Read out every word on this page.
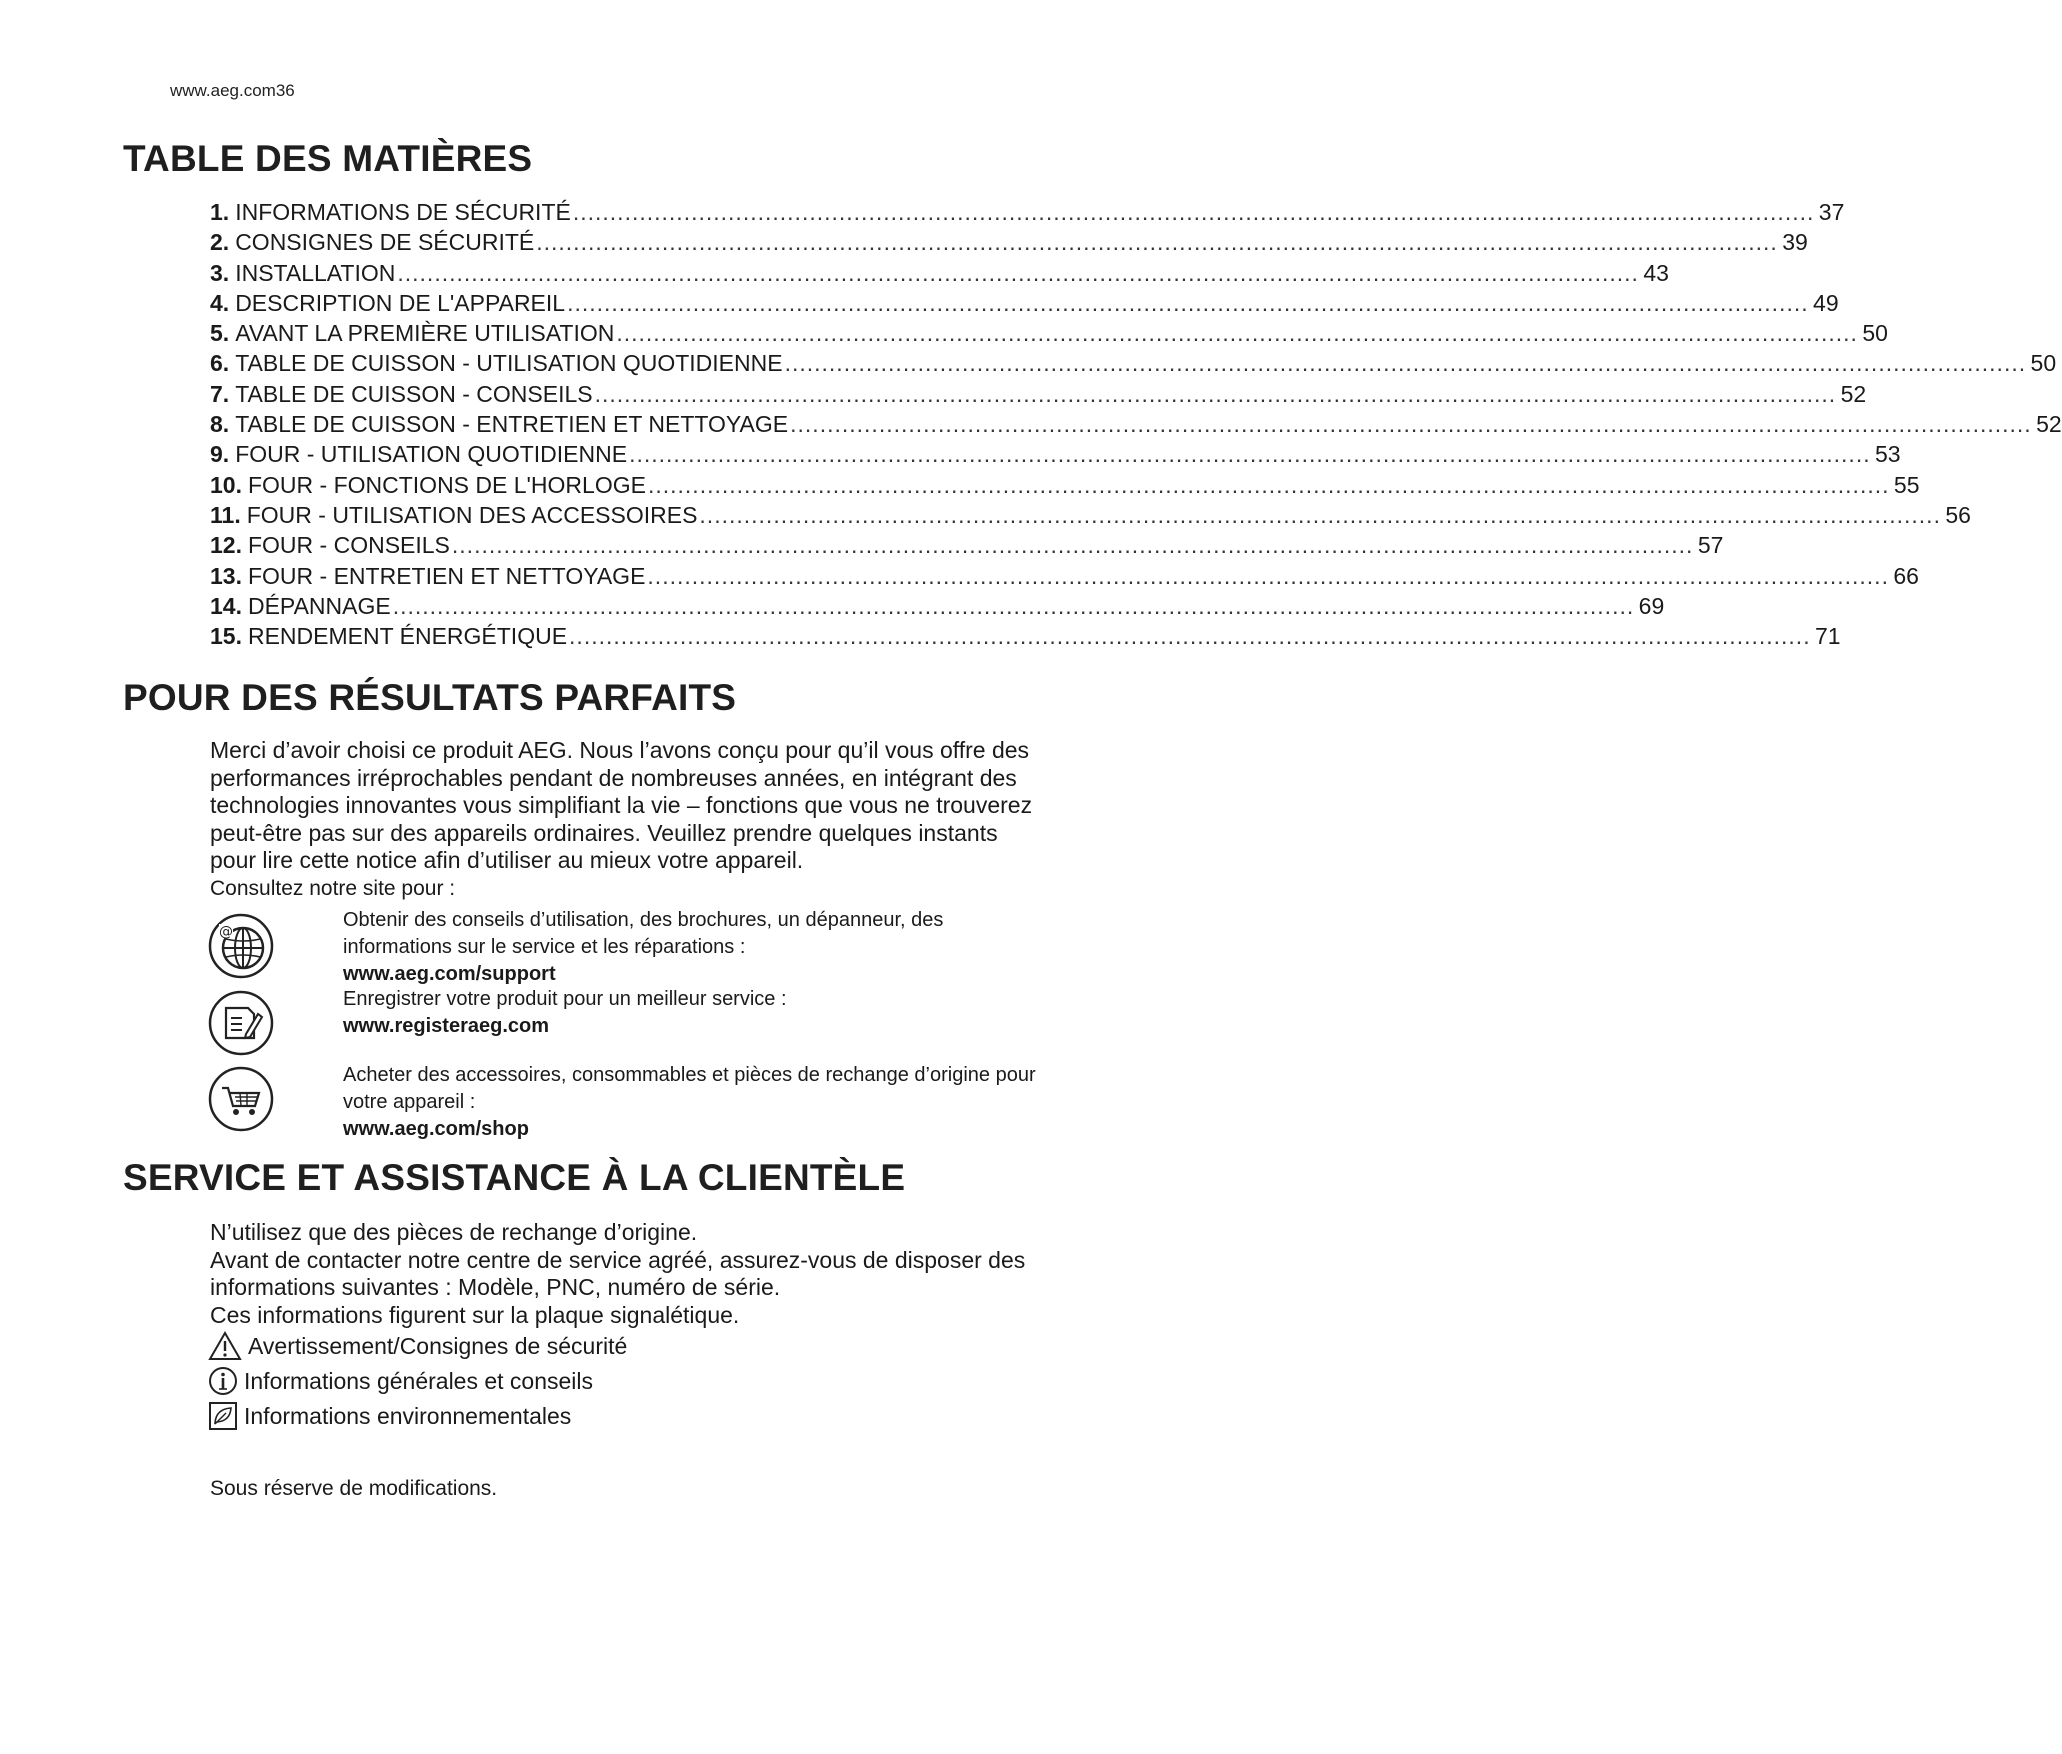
www.aeg.com36
TABLE DES MATIÈRES
1. INFORMATIONS DE SÉCURITÉ ........................................................................................................................................................................ 37
2. CONSIGNES DE SÉCURITÉ ........................................................................................................................................................................ 39
3. INSTALLATION ........................................................................................................................................................................ 43
4. DESCRIPTION DE L'APPAREIL ........................................................................................................................................................................ 49
5. AVANT LA PREMIÈRE UTILISATION ........................................................................................................................................................................ 50
6. TABLE DE CUISSON - UTILISATION QUOTIDIENNE ........................................................................................................................................................................ 50
7. TABLE DE CUISSON - CONSEILS ........................................................................................................................................................................ 52
8. TABLE DE CUISSON - ENTRETIEN ET NETTOYAGE ........................................................................................................................................................................ 52
9. FOUR - UTILISATION QUOTIDIENNE ........................................................................................................................................................................ 53
10. FOUR - FONCTIONS DE L'HORLOGE ........................................................................................................................................................................ 55
11. FOUR - UTILISATION DES ACCESSOIRES ........................................................................................................................................................................ 56
12. FOUR - CONSEILS ........................................................................................................................................................................ 57
13. FOUR - ENTRETIEN ET NETTOYAGE ........................................................................................................................................................................ 66
14. DÉPANNAGE ........................................................................................................................................................................ 69
15. RENDEMENT ÉNERGÉTIQUE ........................................................................................................................................................................ 71
POUR DES RÉSULTATS PARFAITS

Merci d’avoir choisi ce produit AEG. Nous l’avons conçu pour qu’il vous offre des

performances irréprochables pendant de nombreuses années, en intégrant des

technologies innovantes vous simplifiant la vie – fonctions que vous ne trouverez

peut-être pas sur des appareils ordinaires. Veuillez prendre quelques instants

pour lire cette notice afin d’utiliser au mieux votre appareil.

Consultez notre site pour :

@
Obtenir des conseils d’utilisation, des brochures, un dépanneur, des
informations sur le service et les réparations :
www.aeg.com/support
Enregistrer votre produit pour un meilleur service :
www.registeraeg.com
Acheter des accessoires, consommables et pièces de rechange d’origine pour
votre appareil :
www.aeg.com/shop
SERVICE ET ASSISTANCE À LA CLIENTÈLE

N’utilisez que des pièces de rechange d’origine.

Avant de contacter notre centre de service agréé, assurez-vous de disposer des

informations suivantes : Modèle, PNC, numéro de série.

Ces informations figurent sur la plaque signalétique.

Avertissement/Consignes de sécurité
Informations générales et conseils
Informations environnementales
Sous réserve de modifications.
